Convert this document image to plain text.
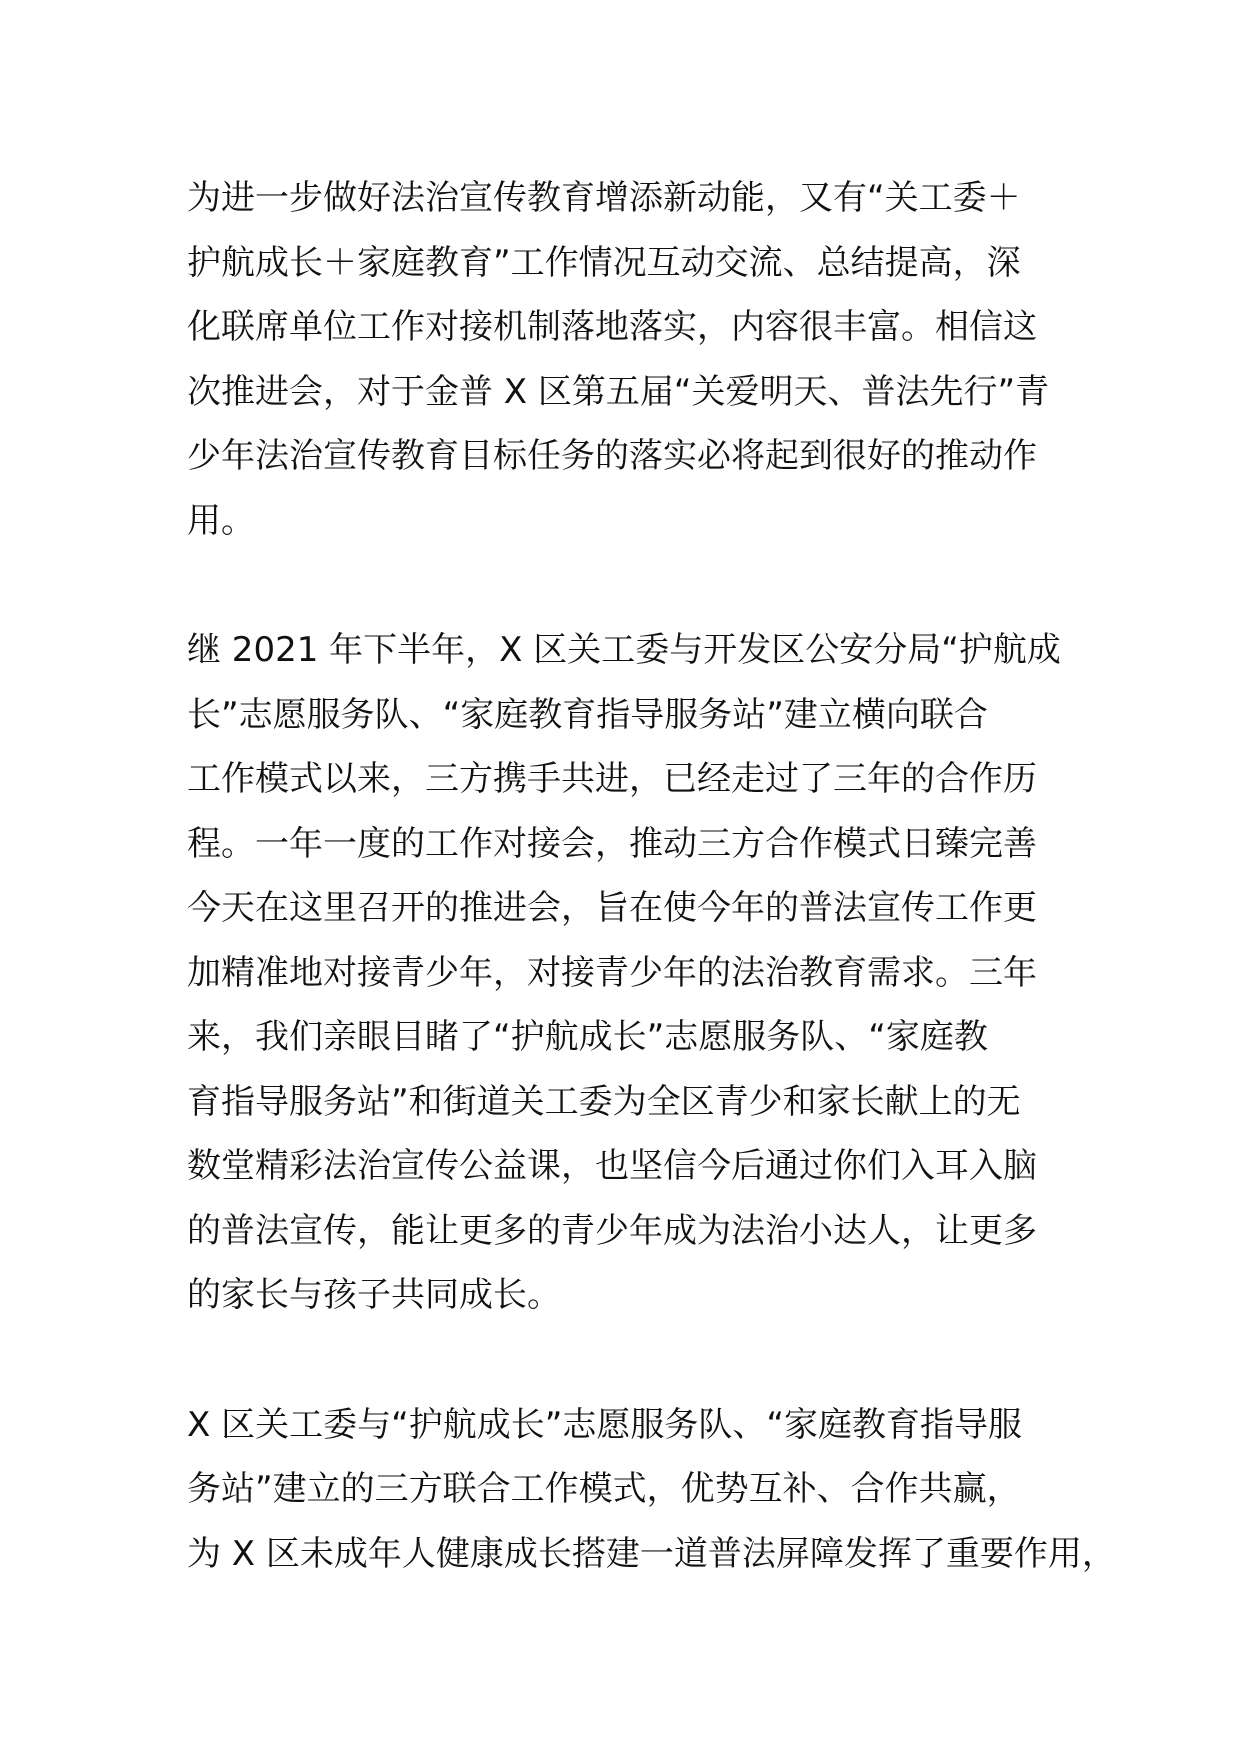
为进一步做好法治宣传教育增添新动能，又有“关工委＋
护航成长＋家庭教育”工作情况互动交流、总结提高，深
化联席单位工作对接机制落地落实，内容很丰富。相信这
次推进会，对于金普 X 区第五届“关爱明天、普法先行”青
少年法治宣传教育目标任务的落实必将起到很好的推动作
用。
继 2021 年下半年，X 区关工委与开发区公安分局“护航成
长”志愿服务队、“家庭教育指导服务站”建立横向联合
工作模式以来，三方携手共进，已经走过了三年的合作历
程。一年一度的工作对接会，推动三方合作模式日臻完善
今天在这里召开的推进会，旨在使今年的普法宣传工作更
加精准地对接青少年，对接青少年的法治教育需求。三年
来，我们亲眼目睹了“护航成长”志愿服务队、“家庭教
育指导服务站”和街道关工委为全区青少和家长献上的无
数堂精彩法治宣传公益课，也坚信今后通过你们入耳入脑
的普法宣传，能让更多的青少年成为法治小达人，让更多
的家长与孩子共同成长。
X 区关工委与“护航成长”志愿服务队、“家庭教育指导服
务站”建立的三方联合工作模式，优势互补、合作共赢，
为 X 区未成年人健康成长搭建一道普法屏障发挥了重要作用，
